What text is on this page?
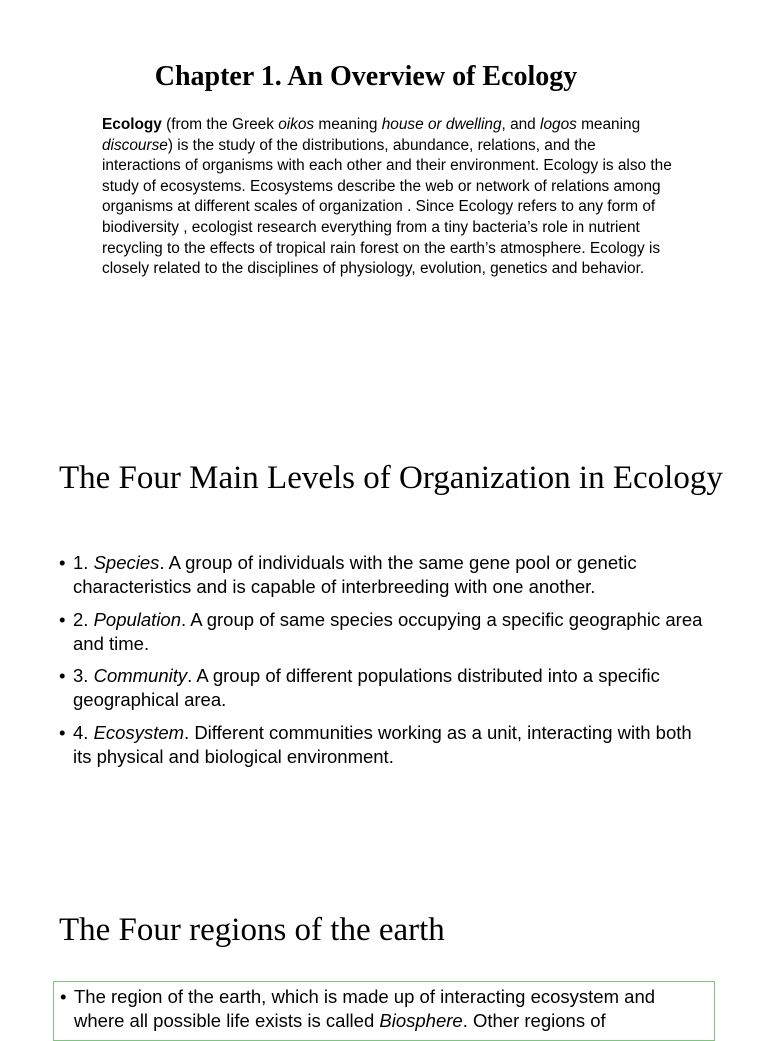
Chapter 1. An Overview of Ecology

Ecology (from the Greek oikos meaning house or dwelling, and logos meaning discourse) is the study of the distributions, abundance, relations, and the interactions of organisms with each other and their environment. Ecology is also the study of ecosystems. Ecosystems describe the web or network of relations among organisms at different scales of organization . Since Ecology refers to any form of biodiversity , ecologist research everything from a tiny bacteria’s role in nutrient recycling to the effects of tropical rain forest on the earth’s atmosphere. Ecology is closely related to the disciplines of physiology, evolution, genetics and behavior.

The Four Main Levels of Organization in Ecology
• 1. Species. A group of individuals with the same gene pool or genetic characteristics and is capable of interbreeding with one another.
• 2. Population. A group of same species occupying a specific geographic area and time.
• 3. Community. A group of different populations distributed into a specific geographical area.
• 4. Ecosystem. Different communities working as a unit, interacting with both its physical and biological environment.
The Four regions of the earth
• The region of the earth, which is made up of interacting ecosystem and where all possible life exists is called Biosphere. Other regions of
